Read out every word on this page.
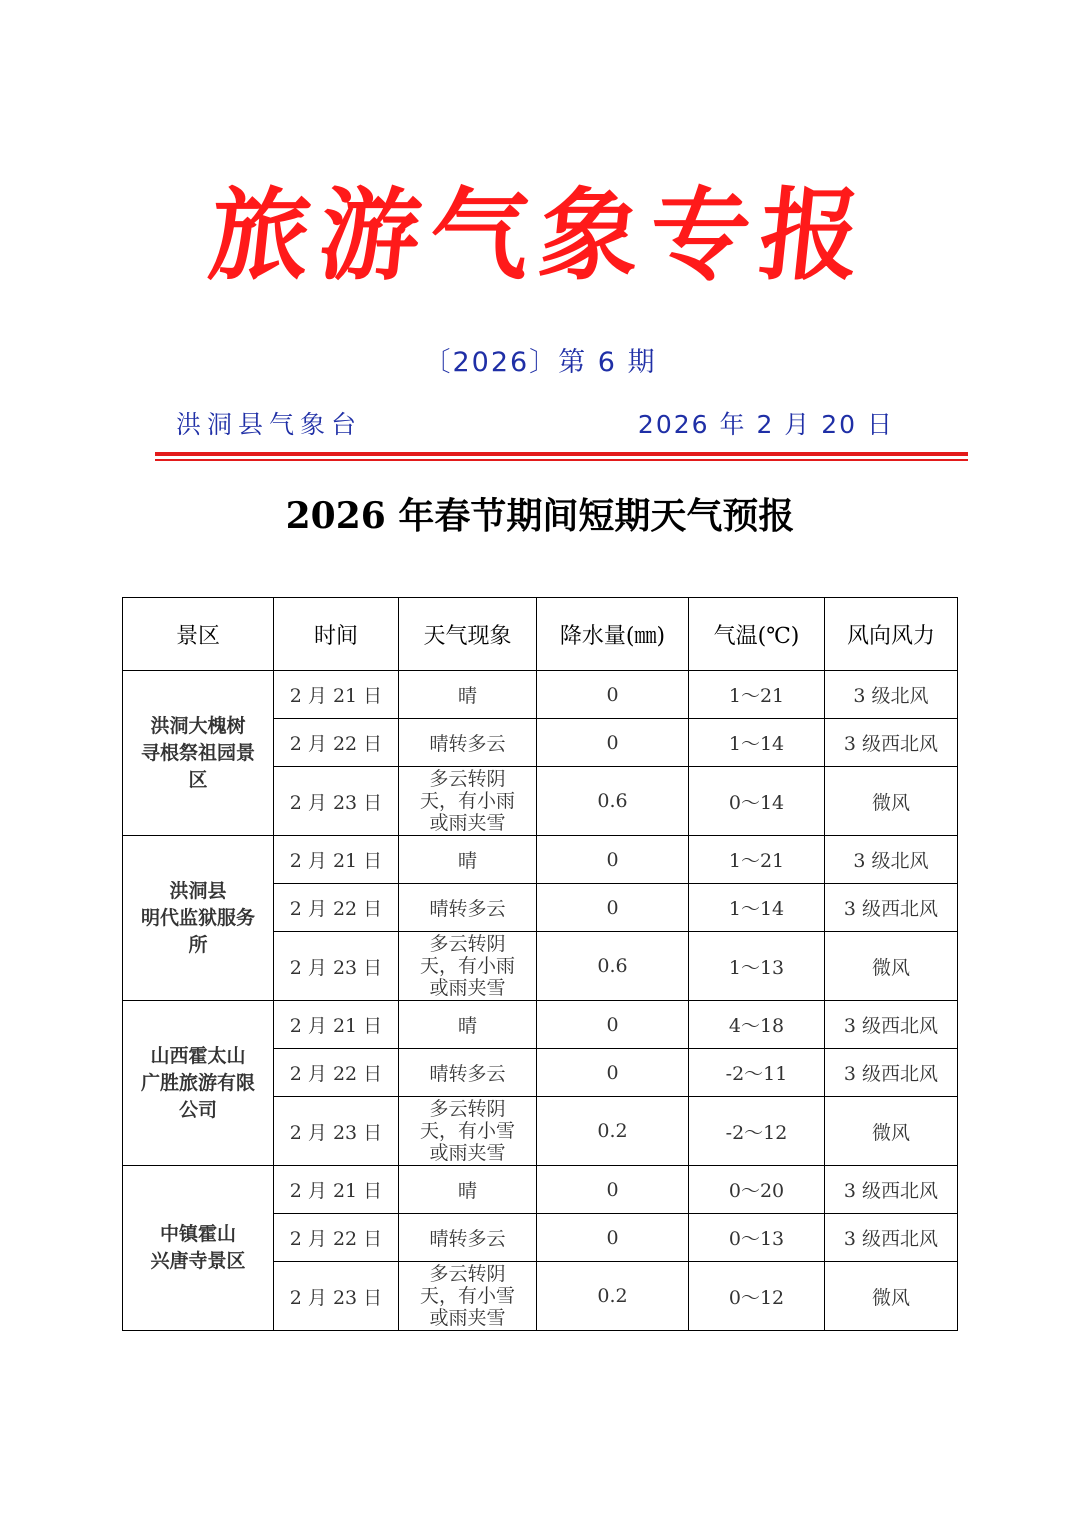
旅游气象专报
〔2026〕第 6 期
洪洞县气象台	2026 年 2 月 20 日
2026 年春节期间短期天气预报
景区	时间	天气现象	降水量(㎜)	气温(℃)	风向风力

洪洞大槐树
寻根祭祖园景
区	2 月 21 日	晴	0	1～21	3 级北风
	2 月 22 日	晴转多云	0	1～14	3 级西北风
	2 月 23 日	多云转阴
天，有小雨
或雨夹雪	0.6	0～14	微风

洪洞县
明代监狱服务
所	2 月 21 日	晴	0	1～21	3 级北风
	2 月 22 日	晴转多云	0	1～14	3 级西北风
	2 月 23 日	多云转阴
天，有小雨
或雨夹雪	0.6	1～13	微风

山西霍太山
广胜旅游有限
公司	2 月 21 日	晴	0	4～18	3 级西北风
	2 月 22 日	晴转多云	0	-2～11	3 级西北风
	2 月 23 日	多云转阴
天，有小雪
或雨夹雪	0.2	-2～12	微风

中镇霍山
兴唐寺景区	2 月 21 日	晴	0	0～20	3 级西北风
	2 月 22 日	晴转多云	0	0～13	3 级西北风
	2 月 23 日	多云转阴
天，有小雪
或雨夹雪	0.2	0～12	微风
